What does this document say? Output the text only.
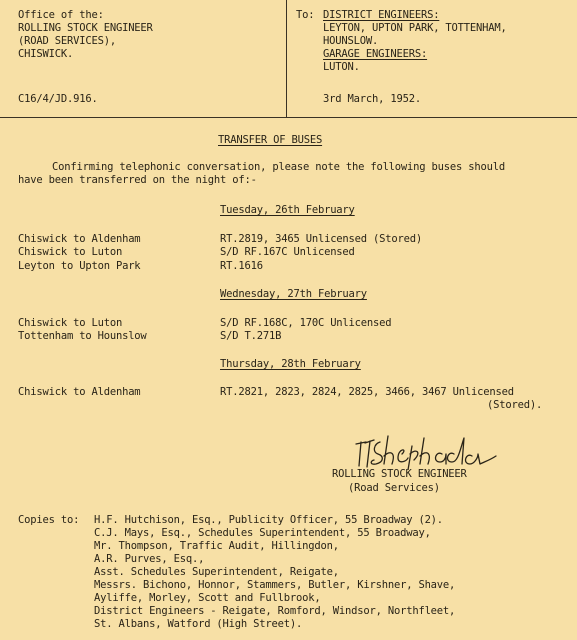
Office of the:
ROLLING STOCK ENGINEER
(ROAD SERVICES),
CHISWICK.
C16/4/JD.916.
To: DISTRICT ENGINEERS:
LEYTON, UPTON PARK, TOTTENHAM,
HOUNSLOW.
GARAGE ENGINEERS:
LUTON.
3rd March, 1952.
TRANSFER OF BUSES
Confirming telephonic conversation, please note the following buses should
have been transferred on the night of:-
Tuesday, 26th February
Chiswick to Aldenham	RT.2819, 3465 Unlicensed (Stored)
Chiswick to Luton	S/D RF.167C Unlicensed
Leyton to Upton Park	RT.1616
Wednesday, 27th February
Chiswick to Luton	S/D RF.168C, 170C Unlicensed
Tottenham to Hounslow	S/D T.271B
Thursday, 28th February
Chiswick to Aldenham	RT.2821, 2823, 2824, 2825, 3466, 3467 Unlicensed
(Stored).
ROLLING STOCK ENGINEER
(Road Services)
Copies to: H.F. Hutchison, Esq., Publicity Officer, 55 Broadway (2).
C.J. Mays, Esq., Schedules Superintendent, 55 Broadway,
Mr. Thompson, Traffic Audit, Hillingdon,
A.R. Purves, Esq.,
Asst. Schedules Superintendent, Reigate,
Messrs. Bichono, Honnor, Stammers, Butler, Kirshner, Shave,
Ayliffe, Morley, Scott and Fullbrook,
District Engineers - Reigate, Romford, Windsor, Northfleet,
St. Albans, Watford (High Street).
